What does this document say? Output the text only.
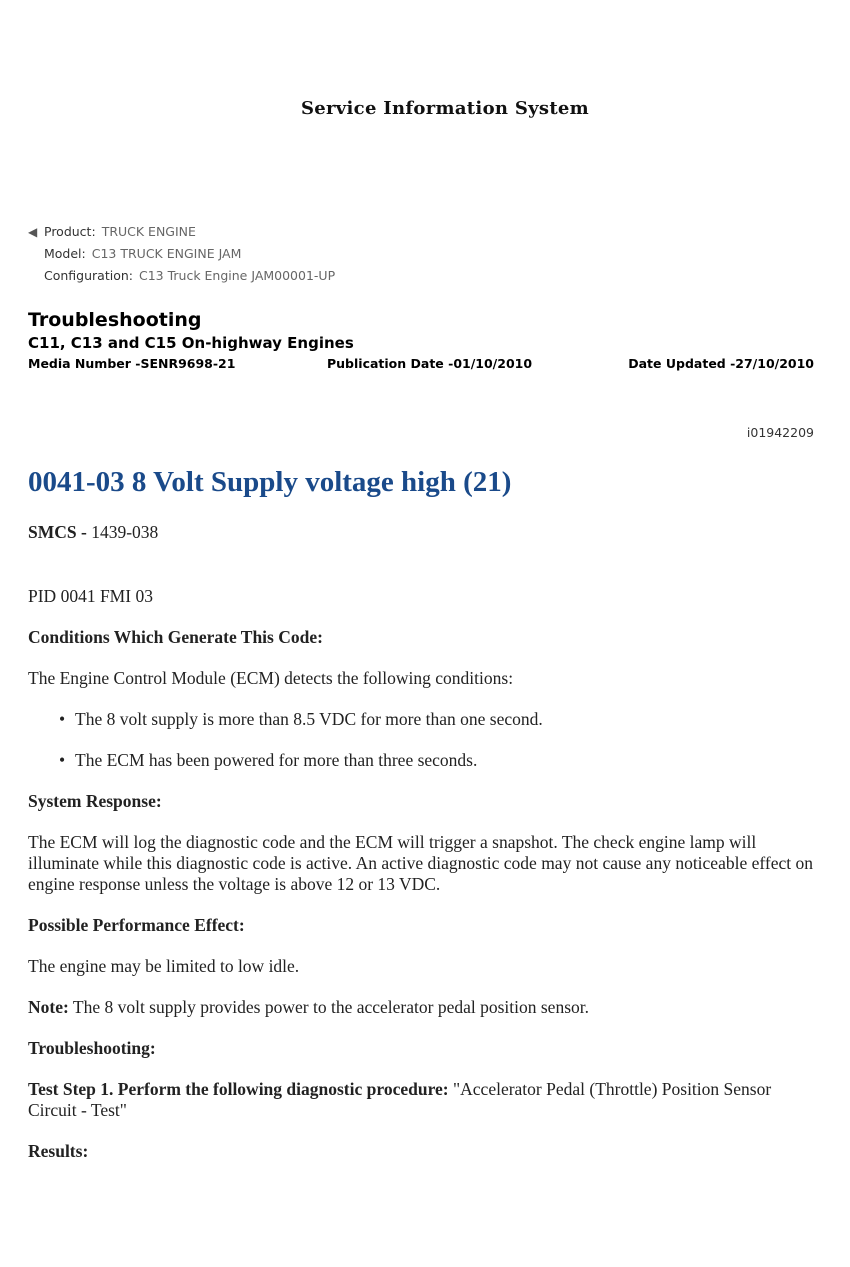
Service Information System
◀ Product: TRUCK ENGINE
Model: C13 TRUCK ENGINE JAM
Configuration: C13 Truck Engine JAM00001-UP
Troubleshooting
C11, C13 and C15 On-highway Engines
Media Number -SENR9698-21	Publication Date -01/10/2010	Date Updated -27/10/2010
i01942209
0041-03 8 Volt Supply voltage high (21)

SMCS - 1439-038

PID 0041 FMI 03

Conditions Which Generate This Code:

The Engine Control Module (ECM) detects the following conditions:

• The 8 volt supply is more than 8.5 VDC for more than one second.
• The ECM has been powered for more than three seconds.

System Response:

The ECM will log the diagnostic code and the ECM will trigger a snapshot. The check engine lamp will illuminate while this diagnostic code is active. An active diagnostic code may not cause any noticeable effect on engine response unless the voltage is above 12 or 13 VDC.

Possible Performance Effect:

The engine may be limited to low idle.

Note: The 8 volt supply provides power to the accelerator pedal position sensor.

Troubleshooting:

Test Step 1. Perform the following diagnostic procedure: "Accelerator Pedal (Throttle) Position Sensor Circuit - Test"

Results:
